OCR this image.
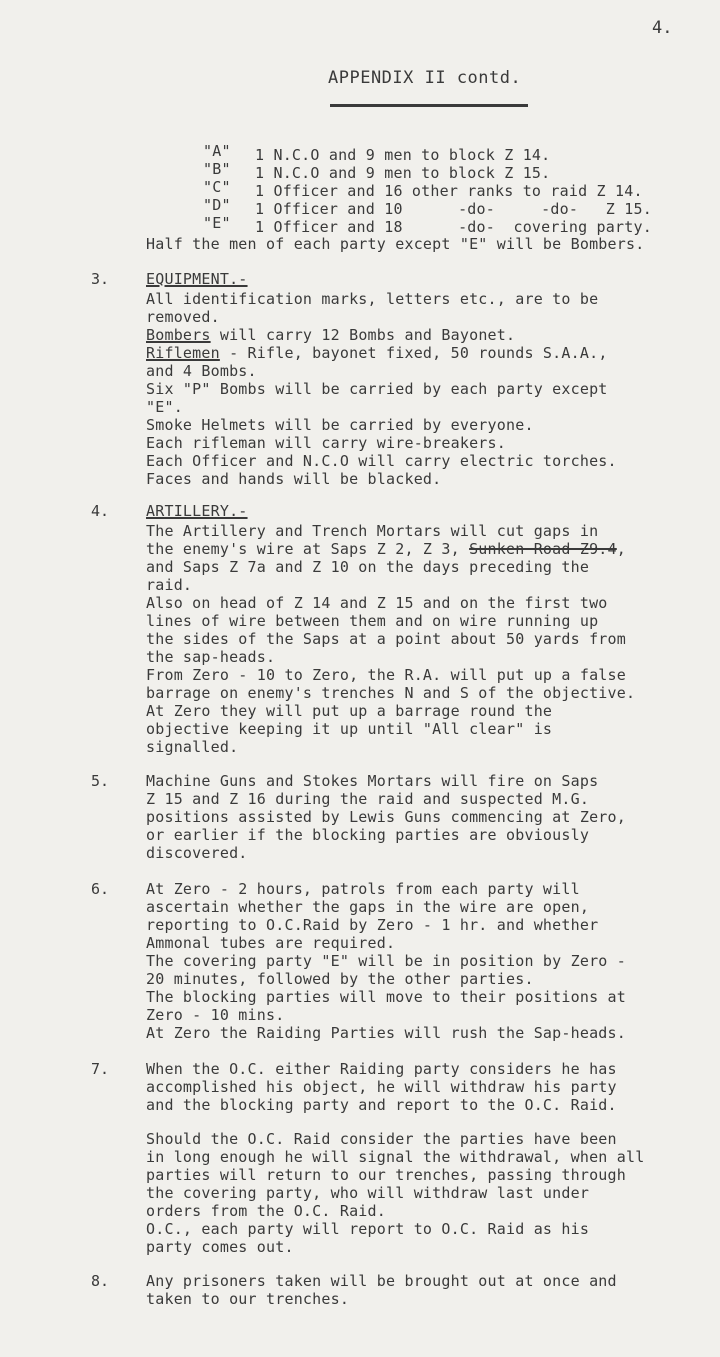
4.
APPENDIX II contd.
"A" 1 N.C.O and 9 men to block Z 14.
"B" 1 N.C.O and 9 men to block Z 15.
"C" 1 Officer and 16 other ranks to raid Z 14.
"D" 1 Officer and 10      -do-     -do-   Z 15.
"E" 1 Officer and 18      -do-  covering party.
Half the men of each party except "E" will be Bombers.
3. EQUIPMENT.-
All identification marks, letters etc., are to be
removed.
Bombers will carry 12 Bombs and Bayonet.
Riflemen - Rifle, bayonet fixed, 50 rounds S.A.A.,
and 4 Bombs.
Six "P" Bombs will be carried by each party except
"E".
Smoke Helmets will be carried by everyone.
Each rifleman will carry wire-breakers.
Each Officer and N.C.O will carry electric torches.
Faces and hands will be blacked.
4. ARTILLERY.-
The Artillery and Trench Mortars will cut gaps in
the enemy's wire at Saps Z 2, Z 3, Sunken Road Z9.4,
and Saps Z 7a and Z 10 on the days preceding the
raid.
Also on head of Z 14 and Z 15 and on the first two
lines of wire between them and on wire running up
the sides of the Saps at a point about 50 yards from
the sap-heads.
From Zero - 10 to Zero, the R.A. will put up a false
barrage on enemy's trenches N and S of the objective.
At Zero they will put up a barrage round the
objective keeping it up until "All clear" is
signalled.
5. Machine Guns and Stokes Mortars will fire on Saps
Z 15 and Z 16 during the raid and suspected M.G.
positions assisted by Lewis Guns commencing at Zero,
or earlier if the blocking parties are obviously
discovered.
6. At Zero - 2 hours, patrols from each party will
ascertain whether the gaps in the wire are open,
reporting to O.C.Raid by Zero - 1 hr. and whether
Ammonal tubes are required.
The covering party "E" will be in position by Zero -
20 minutes, followed by the other parties.
The blocking parties will move to their positions at
Zero - 10 mins.
At Zero the Raiding Parties will rush the Sap-heads.
7. When the O.C. either Raiding party considers he has
accomplished his object, he will withdraw his party
and the blocking party and report to the O.C. Raid.
Should the O.C. Raid consider the parties have been
in long enough he will signal the withdrawal, when all
parties will return to our trenches, passing through
the covering party, who will withdraw last under
orders from the O.C. Raid.
O.C., each party will report to O.C. Raid as his
party comes out.
8. Any prisoners taken will be brought out at once and
taken to our trenches.
